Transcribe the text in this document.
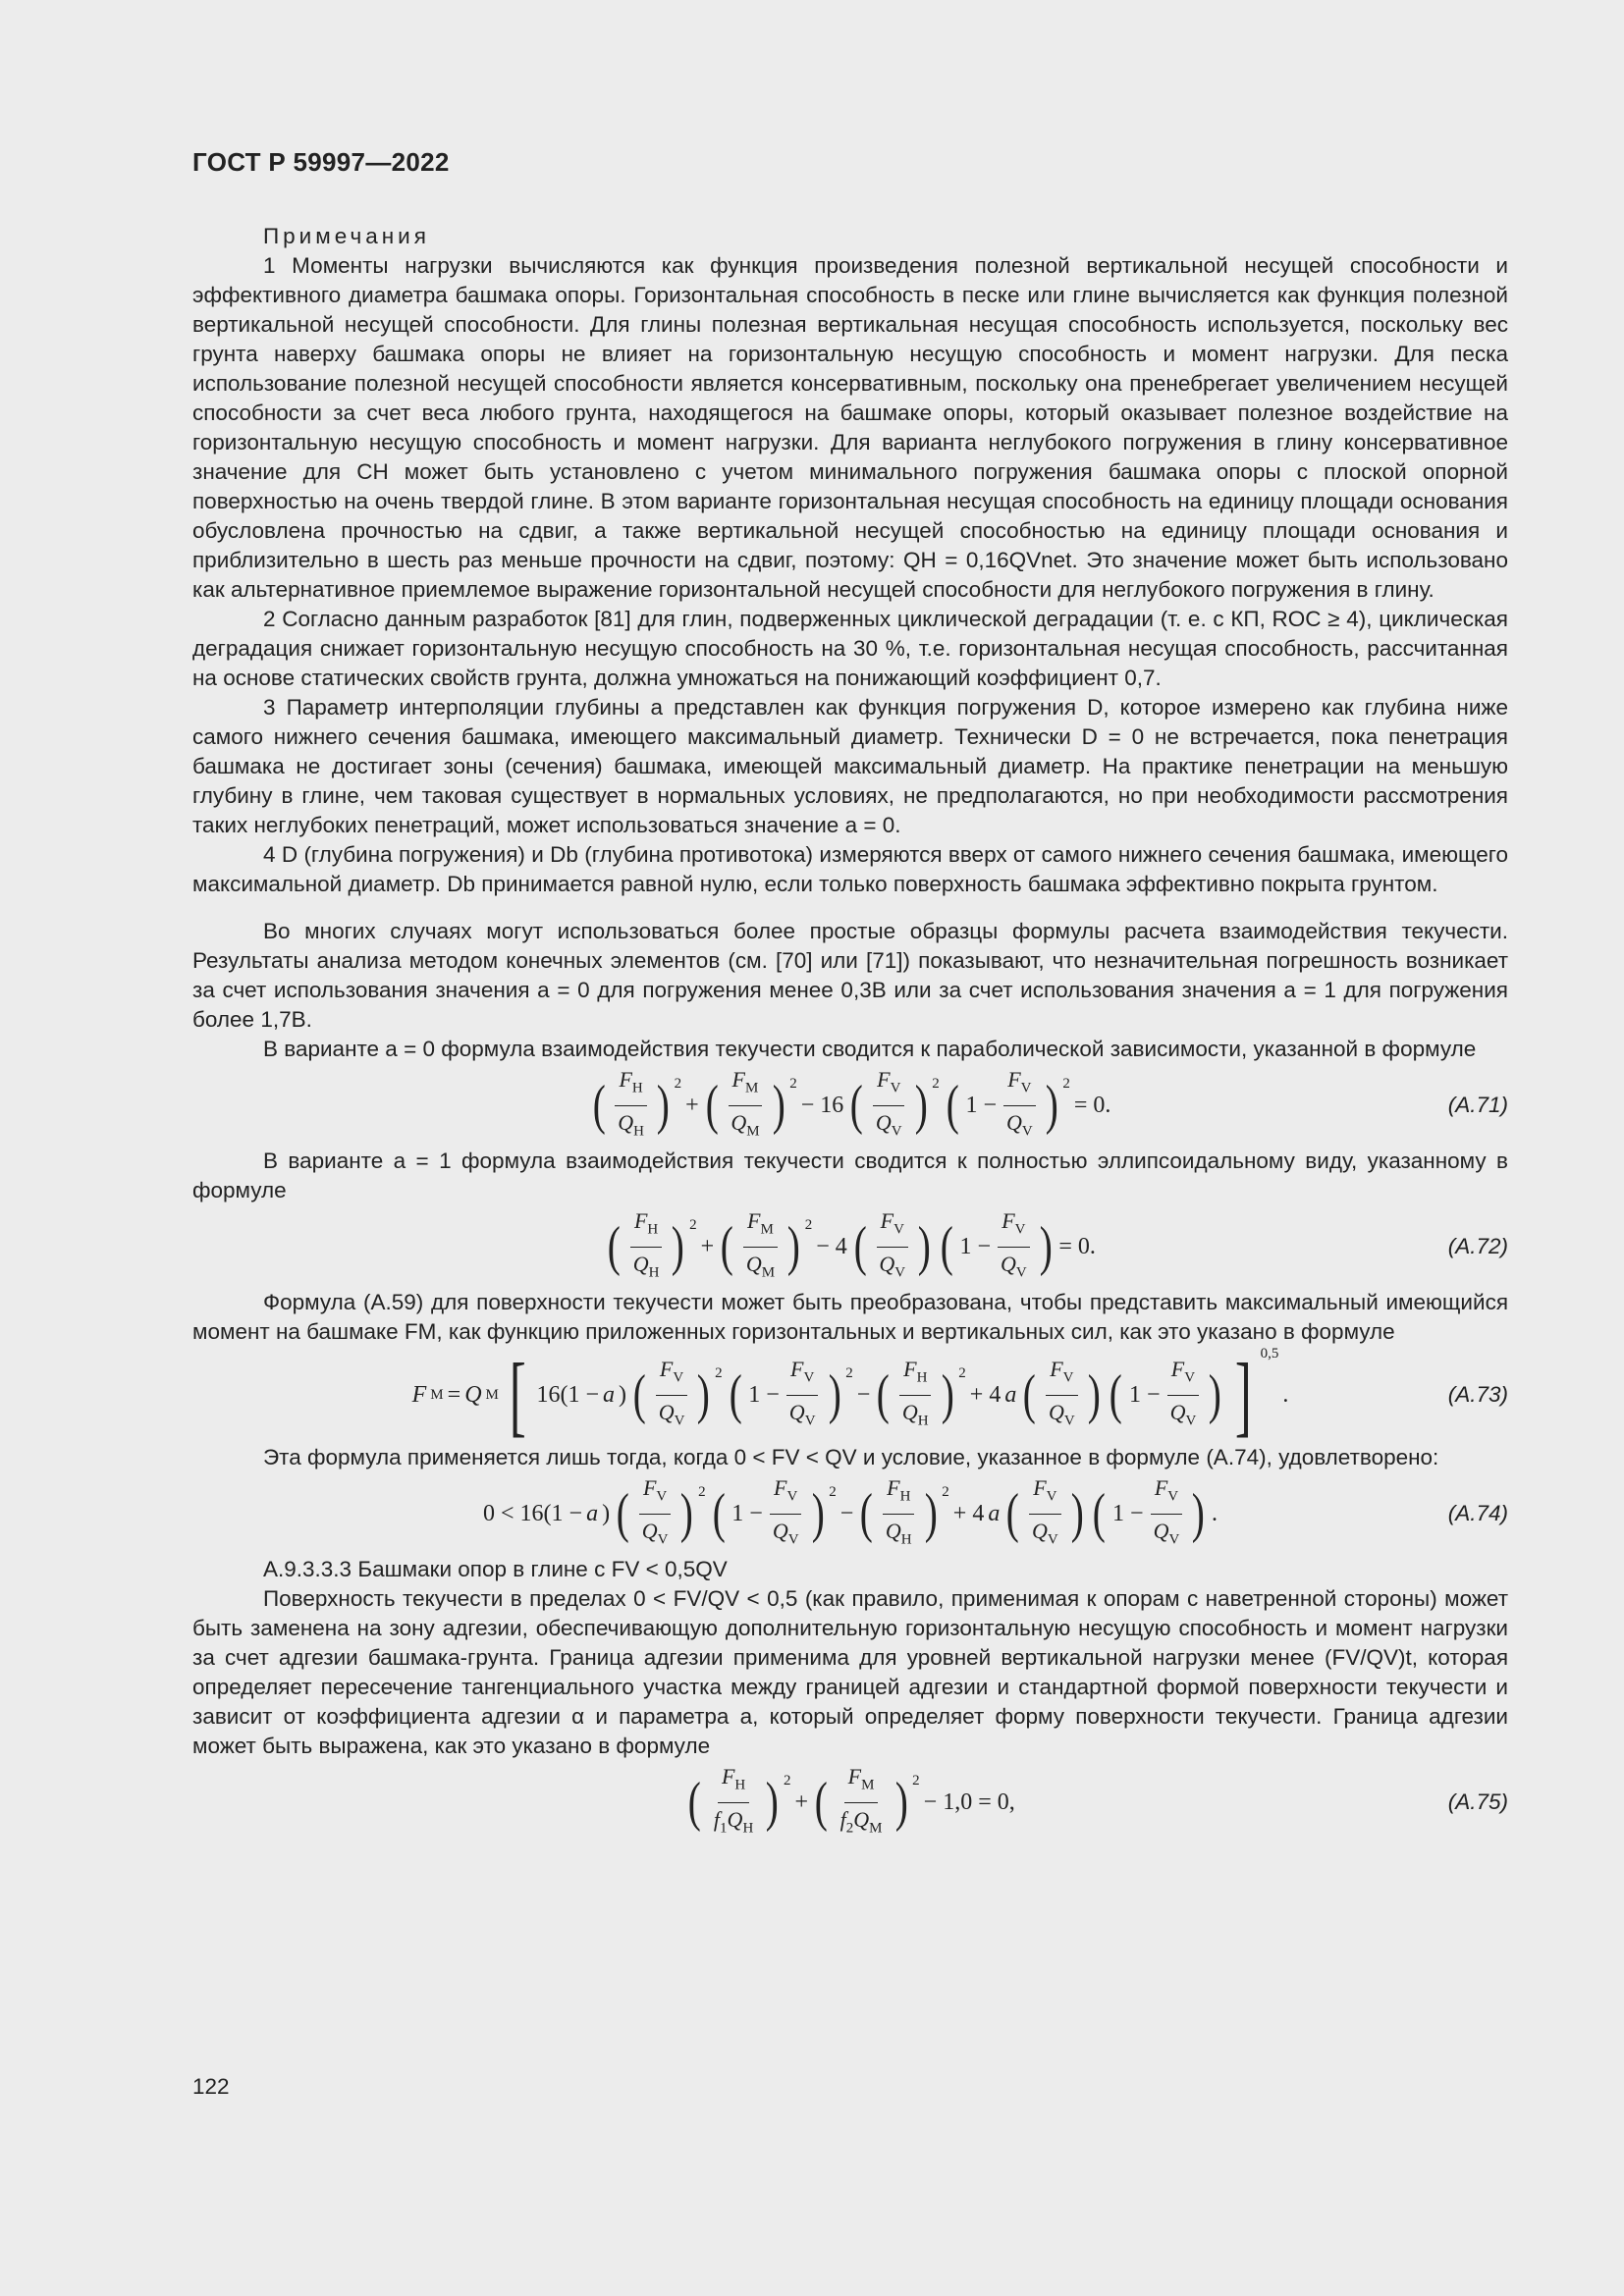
ГОСТ Р 59997—2022

Примечания

1 Моменты нагрузки вычисляются как функция произведения полезной вертикальной несущей способности и эффективного диаметра башмака опоры. Горизонтальная способность в песке или глине вычисляется как функция полезной вертикальной несущей способности. Для глины полезная вертикальная несущая способность используется, поскольку вес грунта наверху башмака опоры не влияет на горизонтальную несущую способность и момент нагрузки. Для песка использование полезной несущей способности является консервативным, поскольку она пренебрегает увеличением несущей способности за счет веса любого грунта, находящегося на башмаке опоры, который оказывает полезное воздействие на горизонтальную несущую способность и момент нагрузки. Для варианта неглубокого погружения в глину консервативное значение для CH может быть установлено с учетом минимального погружения башмака опоры с плоской опорной поверхностью на очень твердой глине. В этом варианте горизонтальная несущая способность на единицу площади основания обусловлена прочностью на сдвиг, а также вертикальной несущей способностью на единицу площади основания и приблизительно в шесть раз меньше прочности на сдвиг, поэтому: QH = 0,16QVnet. Это значение может быть использовано как альтернативное приемлемое выражение горизонтальной несущей способности для неглубокого погружения в глину.

2 Согласно данным разработок [81] для глин, подверженных циклической деградации (т. е. с КП, ROC ≥ 4), циклическая деградация снижает горизонтальную несущую способность на 30 %, т.е. горизонтальная несущая способность, рассчитанная на основе статических свойств грунта, должна умножаться на понижающий коэффициент 0,7.

3 Параметр интерполяции глубины a представлен как функция погружения D, которое измерено как глубина ниже самого нижнего сечения башмака, имеющего максимальный диаметр. Технически D = 0 не встречается, пока пенетрация башмака не достигает зоны (сечения) башмака, имеющей максимальный диаметр. На практике пенетрации на меньшую глубину в глине, чем таковая существует в нормальных условиях, не предполагаются, но при необходимости рассмотрения таких неглубоких пенетраций, может использоваться значение a = 0.

4 D (глубина погружения) и Db (глубина противотока) измеряются вверх от самого нижнего сечения башмака, имеющего максимальной диаметр. Db принимается равной нулю, если только поверхность башмака эффективно покрыта грунтом.

Во многих случаях могут использоваться более простые образцы формулы расчета взаимодействия текучести. Результаты анализа методом конечных элементов (см. [70] или [71]) показывают, что незначительная погрешность возникает за счет использования значения a = 0 для погружения менее 0,3B или за счет использования значения a = 1 для погружения более 1,7B.

В варианте a = 0 формула взаимодействия текучести сводится к параболической зависимости, указанной в формуле

( $\frac{F_H}{Q_H}$ ) 2
+ ( $\frac{F_M}{Q_M}$ ) 2
− 16 ( $\frac{F_V}{Q_V}$ ) 2 ( $1 - \frac{F_V}{Q_V}$ ) 2
= 0.	(A.71)

В варианте a = 1 формула взаимодействия текучести сводится к полностью эллипсоидальному виду, указанному в формуле

( $\frac{F_H}{Q_H}$ ) 2
+ ( $\frac{F_M}{Q_M}$ ) 2
− 4 ( $\frac{F_V}{Q_V}$ ) ( $1 - \frac{F_V}{Q_V}$ ) = 0.	(A.72)

Формула (А.59) для поверхности текучести может быть преобразована, чтобы представить максимальный имеющийся момент на башмаке FM, как функцию приложенных горизонтальных и вертикальных сил, как это указано в формуле

F M = Q M [ 16(1 − a ) ( $\frac{F_V}{Q_V}$ ) 2 ( $1 - \frac{F_V}{Q_V}$ ) 2
− ( $\frac{F_H}{Q_H}$ ) 2
+ 4 a ( $\frac{F_V}{Q_V}$ ) ( $1 - \frac{F_V}{Q_V}$ ) ] 0,5
.	(A.73)

Эта формула применяется лишь тогда, когда 0 < FV < QV и условие, указанное в формуле (А.74), удовлетворено:

0 < 16(1 − a ) ( $\frac{F_V}{Q_V}$ ) 2 ( $1 - \frac{F_V}{Q_V}$ ) 2
− ( $\frac{F_H}{Q_H}$ ) 2
+ 4 a ( $\frac{F_V}{Q_V}$ ) ( $1 - \frac{F_V}{Q_V}$ ) .	(A.74)

А.9.3.3.3 Башмаки опор в глине с FV < 0,5QV

Поверхность текучести в пределах 0 < FV/QV < 0,5 (как правило, применимая к опорам с наветренной стороны) может быть заменена на зону адгезии, обеспечивающую дополнительную горизонтальную несущую способность и момент нагрузки за счет адгезии башмака-грунта. Граница адгезии применима для уровней вертикальной нагрузки менее (FV/QV)t, которая определяет пересечение тангенциального участка между границей адгезии и стандартной формой поверхности текучести и зависит от коэффициента адгезии α и параметра a, который определяет форму поверхности текучести. Граница адгезии может быть выражена, как это указано в формуле

( $\frac{F_H}{f_1Q_H}$ ) 2
+ ( $\frac{F_M}{f_2Q_M}$ ) 2
− 1,0 = 0,	(A.75)
122
